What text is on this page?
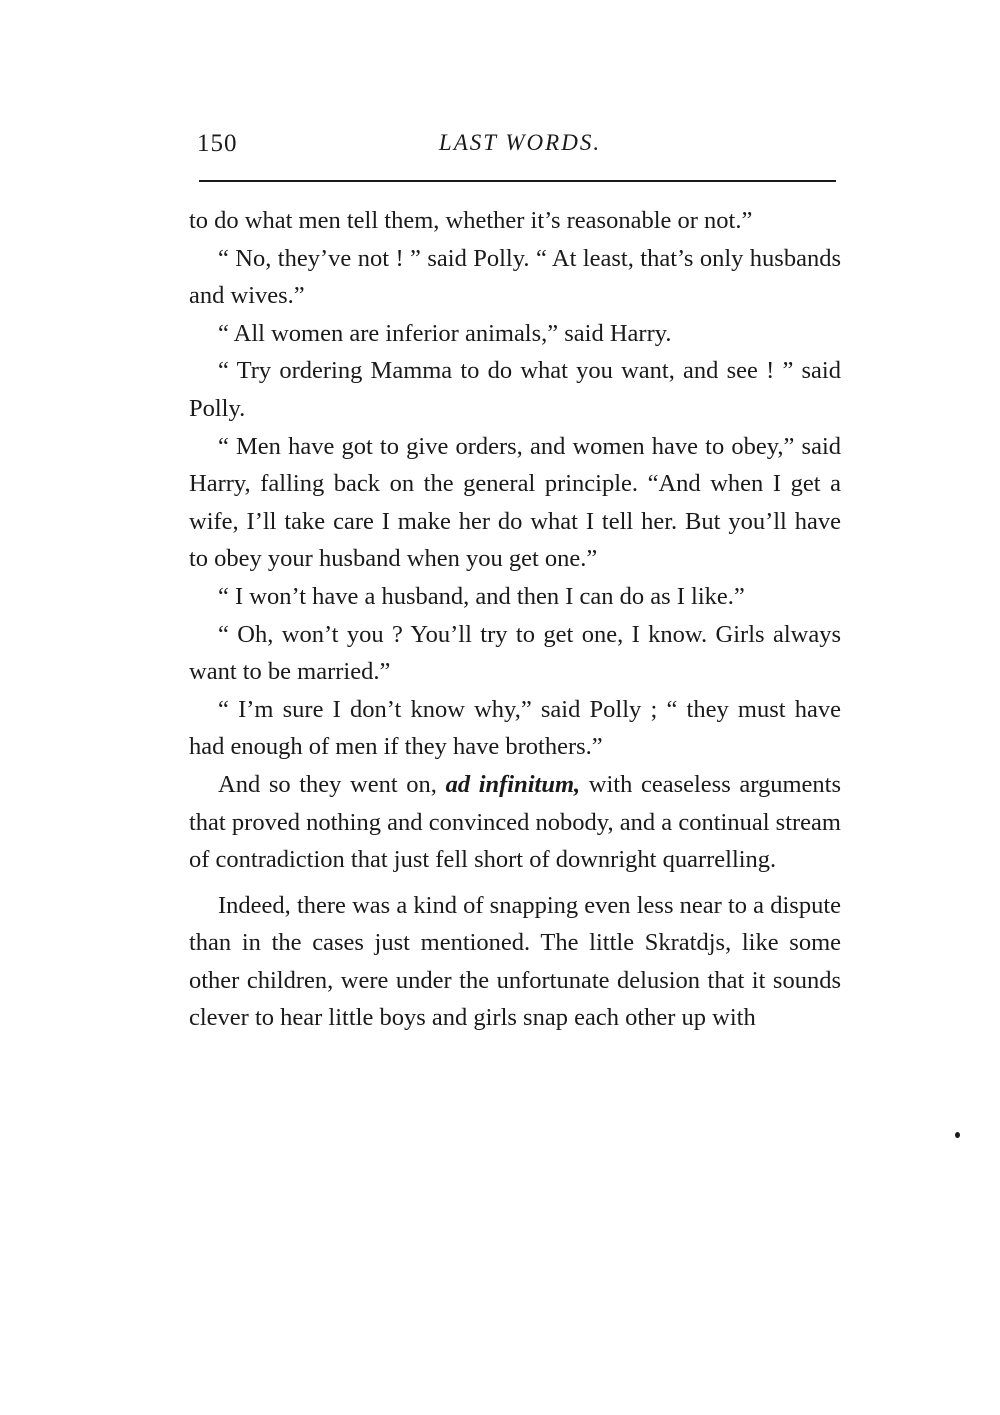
150	LAST WORDS.

to do what men tell them, whether it’s reasonable or not.”

“ No, they’ve not ! ” said Polly. “ At least, that’s only husbands and wives.”

“ All women are inferior animals,” said Harry.

“ Try ordering Mamma to do what you want, and see ! ” said Polly.

“ Men have got to give orders, and women have to obey,” said Harry, falling back on the general principle. “And when I get a wife, I’ll take care I make her do what I tell her. But you’ll have to obey your husband when you get one.”

“ I won’t have a husband, and then I can do as I like.”

“ Oh, won’t you ? You’ll try to get one, I know. Girls always want to be married.”

“ I’m sure I don’t know why,” said Polly ; “ they must have had enough of men if they have brothers.”

And so they went on, ad infinitum, with ceaseless arguments that proved nothing and convinced nobody, and a continual stream of contradiction that just fell short of downright quarrelling.

Indeed, there was a kind of snapping even less near to a dispute than in the cases just mentioned. The little Skratdjs, like some other children, were under the unfortunate delusion that it sounds clever to hear little boys and girls snap each other up with
